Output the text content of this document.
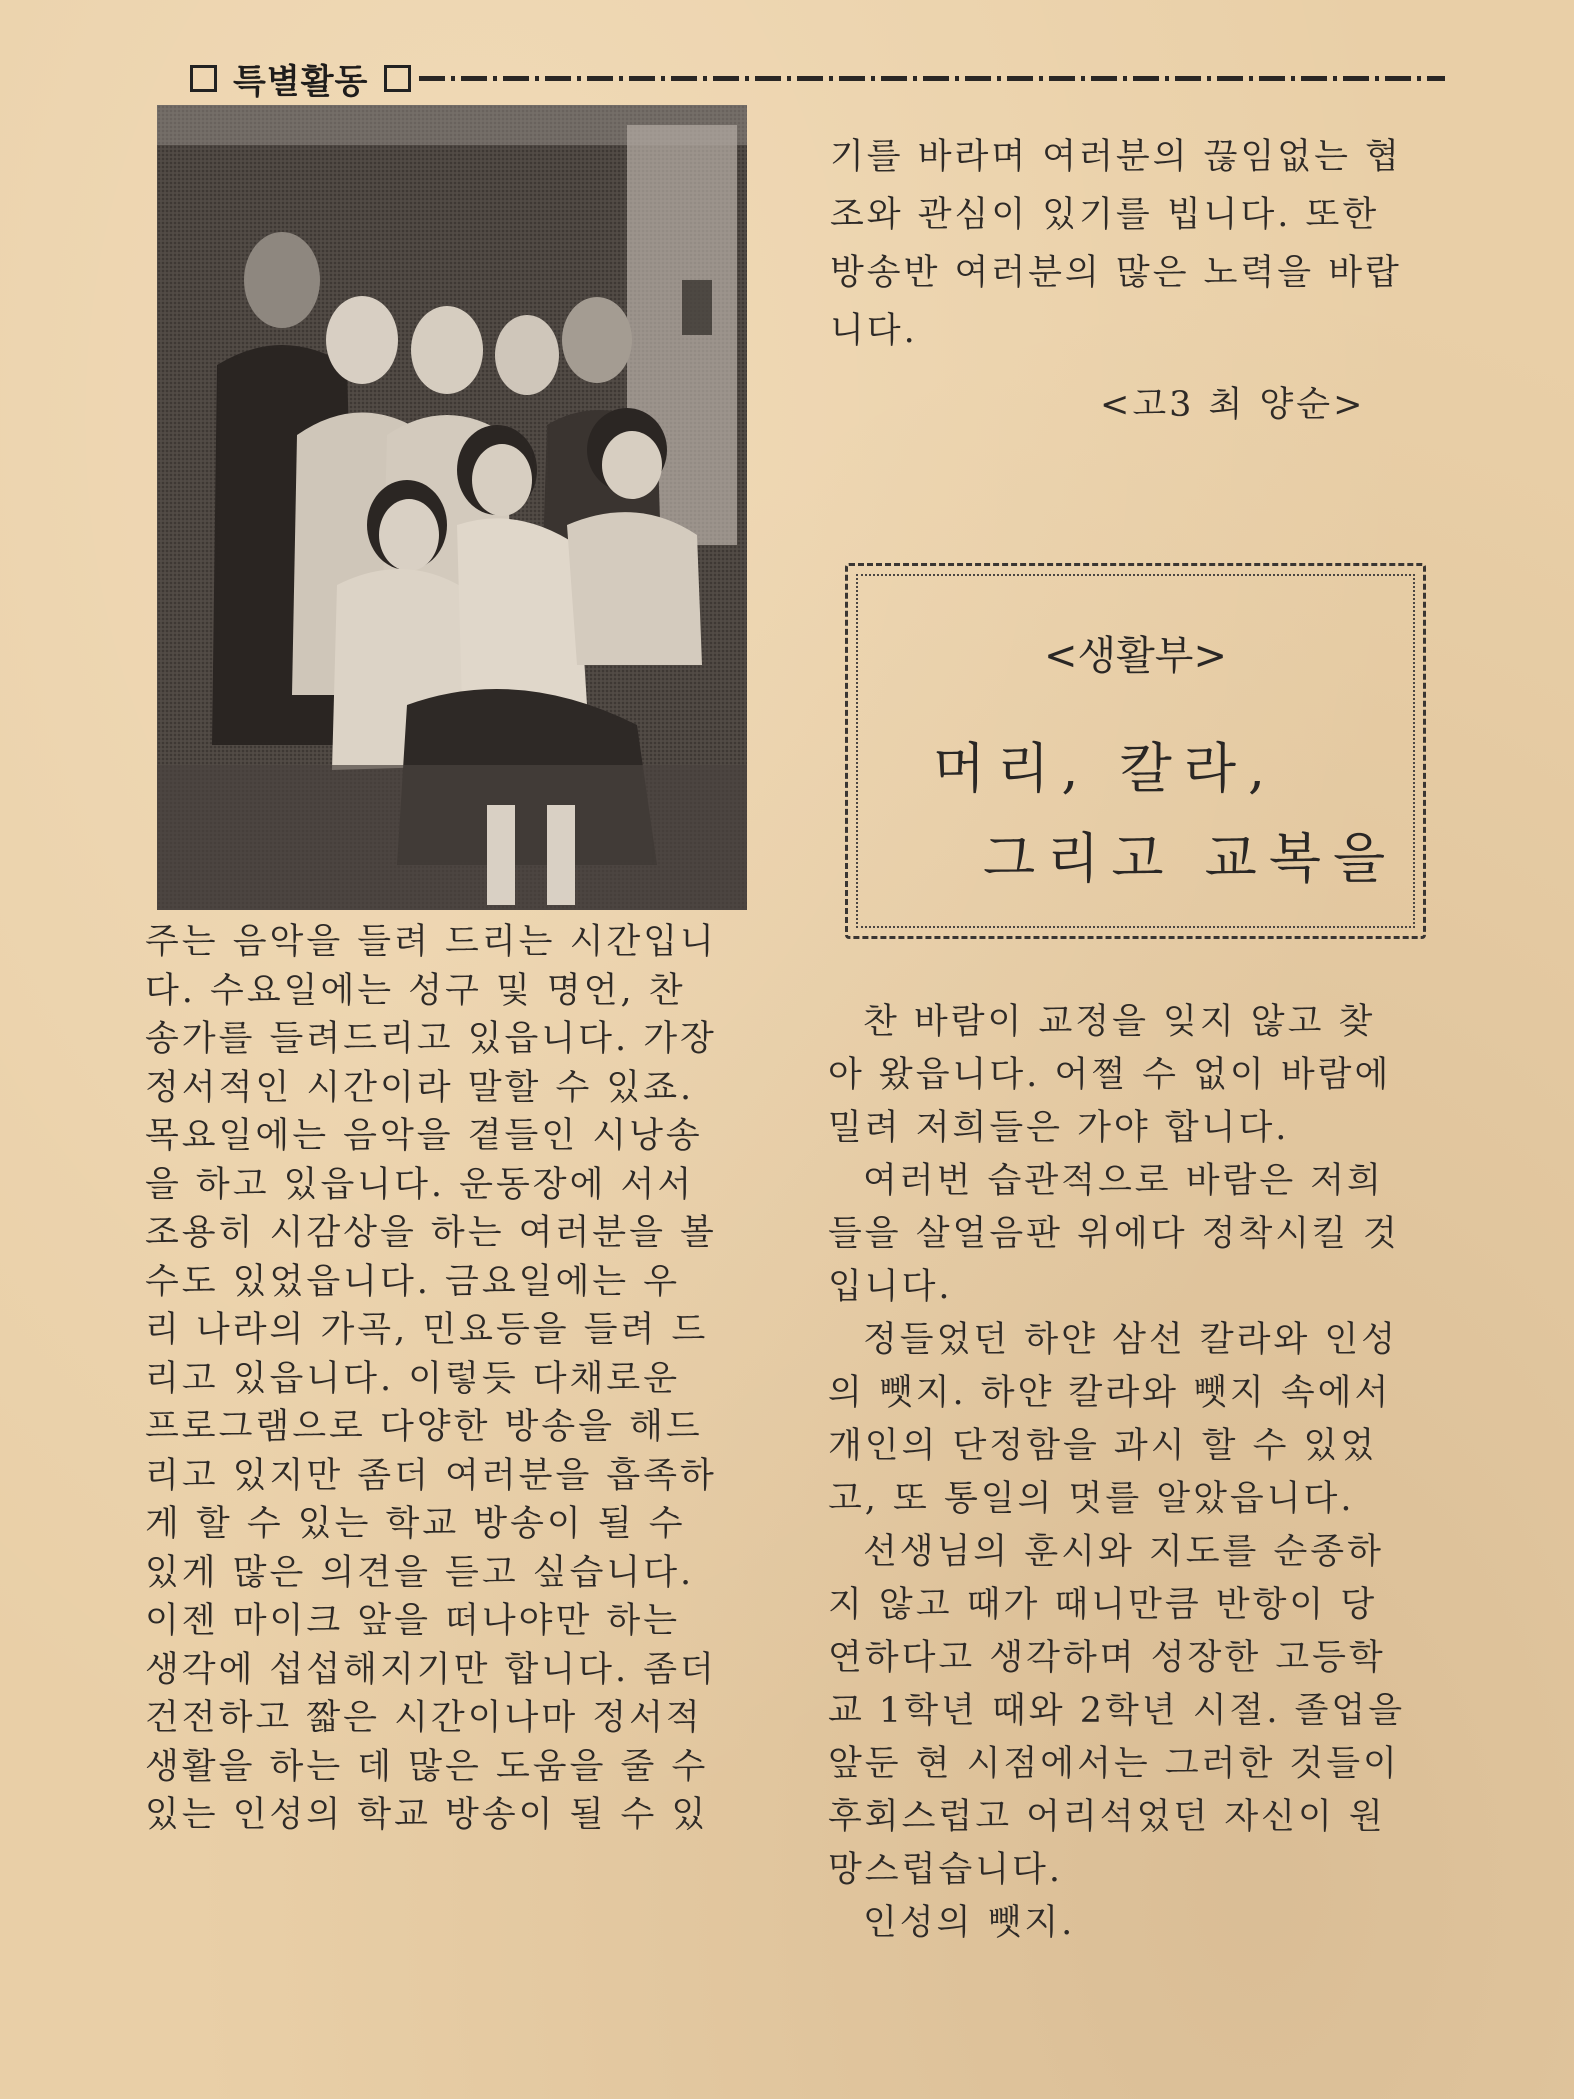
특별활동

주는 음악을 들려 드리는 시간입니

다. 수요일에는 성구 및 명언, 찬

송가를 들려드리고 있읍니다. 가장

정서적인 시간이라 말할 수 있죠.

목요일에는 음악을 곁들인 시낭송

을 하고 있읍니다. 운동장에 서서

조용히 시감상을 하는 여러분을 볼

수도 있었읍니다. 금요일에는 우

리 나라의 가곡, 민요등을 들려 드

리고 있읍니다. 이렇듯 다채로운

프로그램으로 다양한 방송을 해드

리고 있지만 좀더 여러분을 흡족하

게 할 수 있는 학교 방송이 될 수

있게 많은 의견을 듣고 싶습니다.

이젠 마이크 앞을 떠나야만 하는

생각에 섭섭해지기만 합니다. 좀더

건전하고 짧은 시간이나마 정서적

생활을 하는 데 많은 도움을 줄 수

있는 인성의 학교 방송이 될 수 있

기를 바라며 여러분의 끊임없는 협

조와 관심이 있기를 빕니다. 또한

방송반 여러분의 많은 노력을 바랍

니다.

<고3 최 양순>
<생활부>
머리, 칼라,
그리고 교복을

찬 바람이 교정을 잊지 않고 찾

아 왔읍니다. 어쩔 수 없이 바람에

밀려 저희들은 가야 합니다.

여러번 습관적으로 바람은 저희

들을 살얼음판 위에다 정착시킬 것

입니다.

정들었던 하얀 삼선 칼라와 인성

의 뺏지. 하얀 칼라와 뺏지 속에서

개인의 단정함을 과시 할 수 있었

고, 또 통일의 멋를 알았읍니다.

선생님의 훈시와 지도를 순종하

지 않고 때가 때니만큼 반항이 당

연하다고 생각하며 성장한 고등학

교 1학년 때와 2학년 시절. 졸업을

앞둔 현 시점에서는 그러한 것들이

후회스럽고 어리석었던 자신이 원

망스럽습니다.

인성의 뺏지.
